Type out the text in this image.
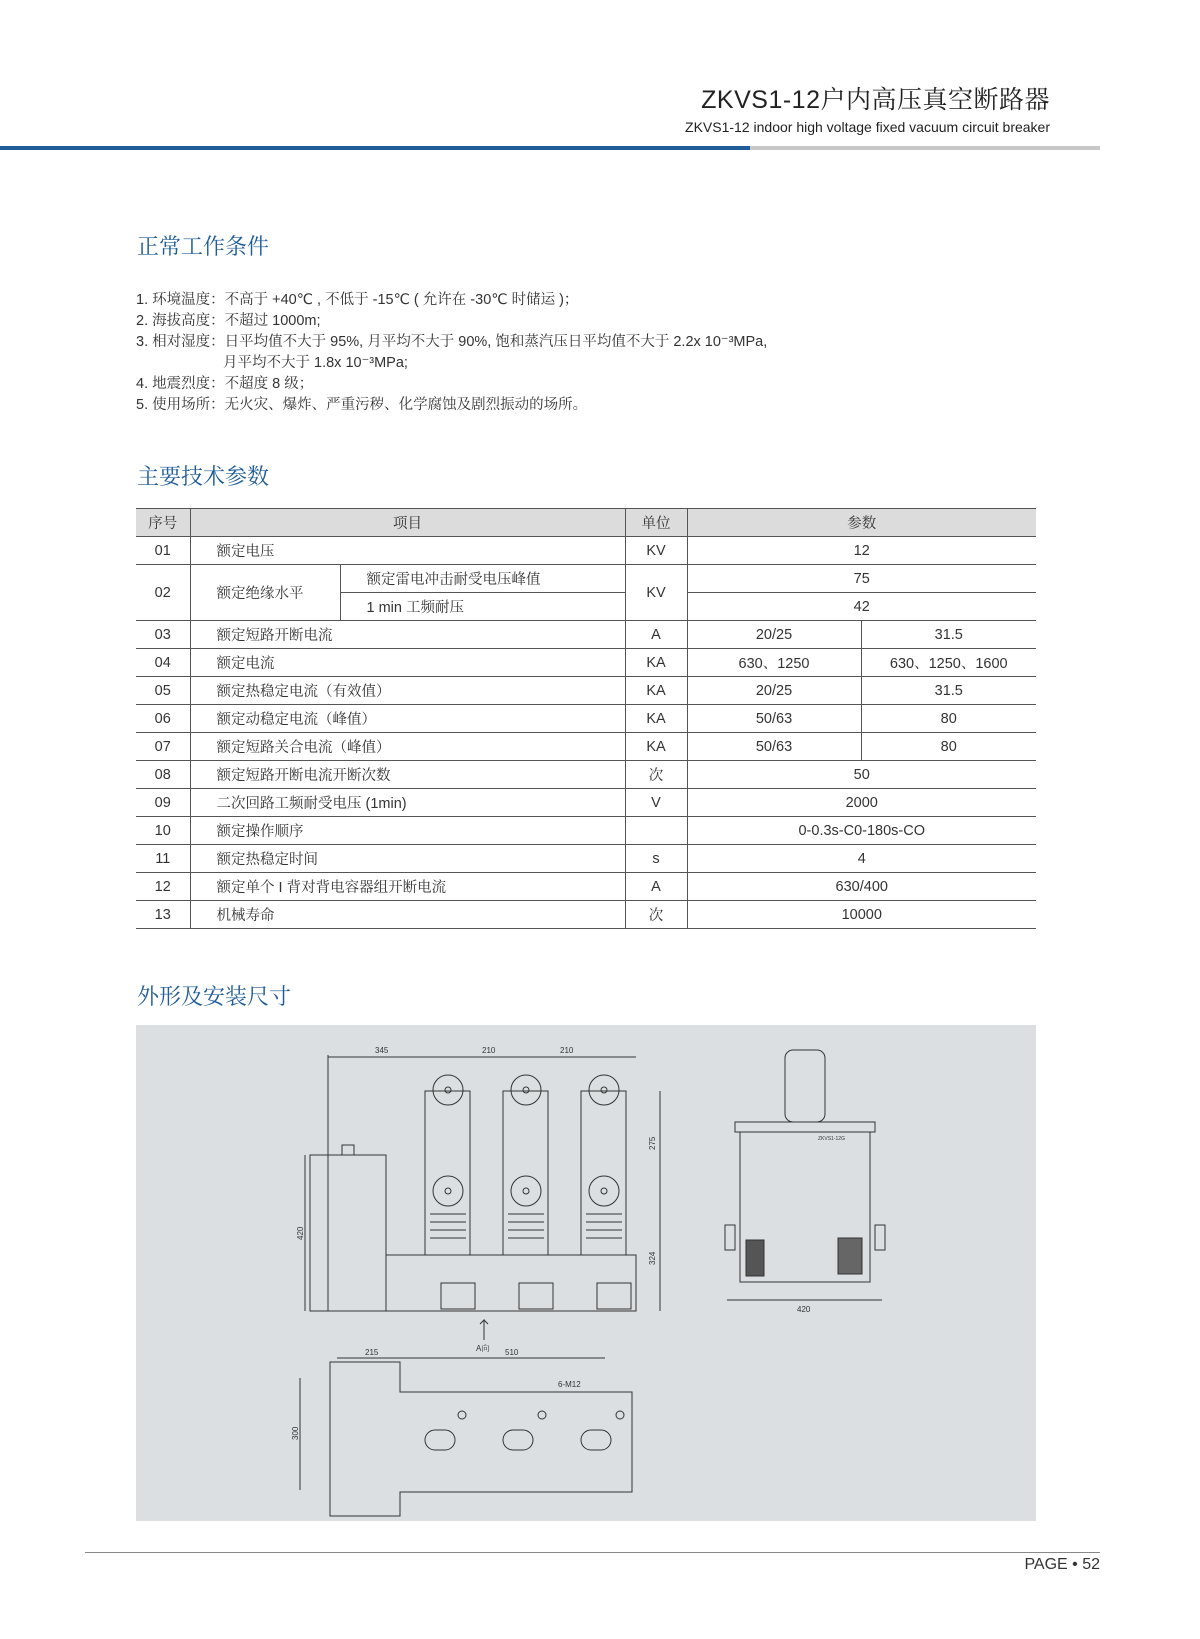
ZKVS1-12户内高压真空断路器
ZKVS1-12 indoor high voltage fixed vacuum circuit breaker
正常工作条件
1. 环境温度：不高于 +40℃ , 不低于 -15℃ ( 允许在 -30℃ 时储运 )；
2. 海拔高度：不超过 1000m;
3. 相对湿度：日平均值不大于 95%, 月平均不大于 90%, 饱和蒸汽压日平均值不大于 2.2x 10⁻³MPa,
　　　　　　月平均不大于 1.8x 10⁻³MPa;
4. 地震烈度：不超度 8 级；
5. 使用场所：无火灾、爆炸、严重污秽、化学腐蚀及剧烈振动的场所。
主要技术参数
序号	项目		单位	参数	
01	额定电压		KV	12	
02	额定绝缘水平	额定雷电冲击耐受电压峰值	KV	75	
		1 min 工频耐压		42	
03	额定短路开断电流		A	20/25	31.5
04	额定电流		KA	630、1250	630、1250、1600
05	额定热稳定电流（有效值）		KA	20/25	31.5
06	额定动稳定电流（峰值）		KA	50/63	80
07	额定短路关合电流（峰值）		KA	50/63	80
08	额定短路开断电流开断次数		次	50	
09	二次回路工频耐受电压 (1min)		V	2000	
10	额定操作顺序			0-0.3s-C0-180s-CO	
11	额定热稳定时间		s	4	
12	额定单个 I 背对背电容器组开断电流		A	630/400	
13	机械寿命		次	10000	
外形及安装尺寸
345	210	210
275
324
420
A向
ZKVS1-12G
420
215	510
6-M12
300
PAGE • 52
